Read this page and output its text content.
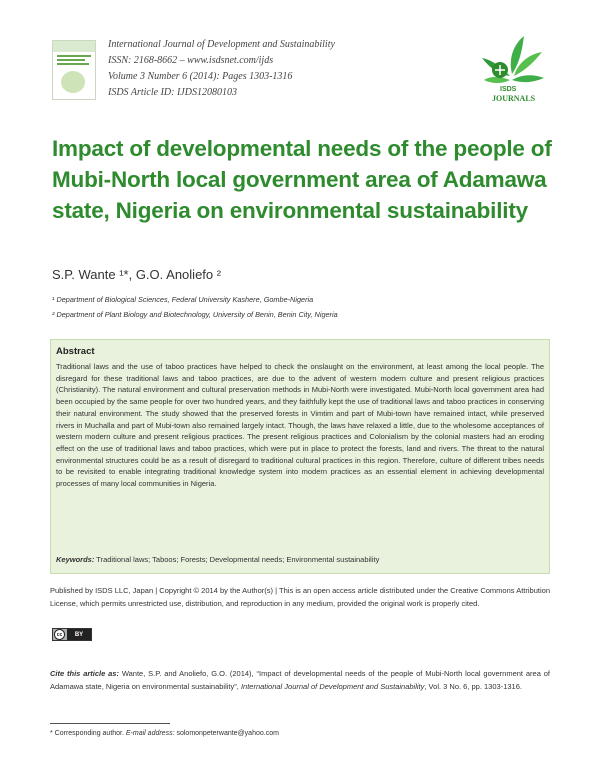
International Journal of Development and Sustainability
ISSN: 2168-8662 – www.isdsnet.com/ijds
Volume 3 Number 6 (2014): Pages 1303-1316
ISDS Article ID: IJDS12080103	ISDS
JOURNALS
Impact of developmental needs of the people of Mubi-North local government area of Adamawa state, Nigeria on environmental sustainability
S.P. Wante ¹*, G.O. Anoliefo ²
¹ Department of Biological Sciences, Federal University Kashere, Gombe-Nigeria
² Department of Plant Biology and Biotechnology, University of Benin, Benin City, Nigeria
Abstract
Traditional laws and the use of taboo practices have helped to check the onslaught on the environment, at least among the local people. The disregard for these traditional laws and taboo practices, are due to the advent of western modern culture and present religious practices (Christianity). The natural environment and cultural preservation methods in Mubi-North were investigated. Mubi-North local government area had been occupied by the same people for over two hundred years, and they faithfully kept the use of traditional laws and taboo practices in conserving their natural environment. The study showed that the preserved forests in Vimtim and part of Mubi-town have remained intact, while preserved rivers in Muchalla and part of Mubi-town also remained largely intact. Though, the laws have relaxed a little, due to the wholesome acceptances of western modern culture and present religious practices. The present religious practices and Colonialism by the colonial masters had an eroding effect on the use of traditional laws and taboo practices, which were put in place to protect the forests, land and rivers. The threat to the natural environmental structures could be as a result of disregard to traditional cultural practices in this region. Therefore, culture of different tribes needs to be revisited to enable integrating traditional knowledge system into modern practices as an essential element in achieving developmental processes of many local communities in Nigeria.
Keywords: Traditional laws; Taboos; Forests; Developmental needs; Environmental sustainability
Published by ISDS LLC, Japan | Copyright © 2014 by the Author(s) | This is an open access article distributed under the Creative Commons Attribution License, which permits unrestricted use, distribution, and reproduction in any medium, provided the original work is properly cited.
cc	BY
Cite this article as: Wante, S.P. and Anoliefo, G.O. (2014), “Impact of developmental needs of the people of Mubi-North local government area of Adamawa state, Nigeria on environmental sustainability”, International Journal of Development and Sustainability, Vol. 3 No. 6, pp. 1303-1316.
* Corresponding author. E-mail address: solomonpeterwante@yahoo.com
